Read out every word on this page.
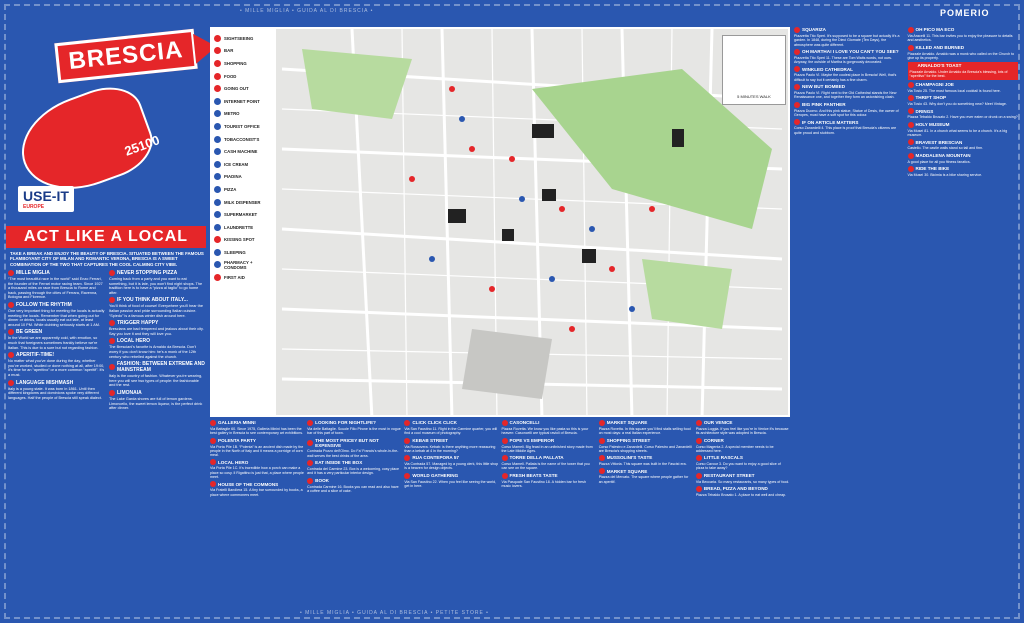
• MILLE MIGLIA • GUIDA AL DI BRESCIA •
• MILLE MIGLIA • GUIDA AL DI BRESCIA • PETITE STORE •
POMERIO
BRESCIA
25100
USE-IT
EUROPE
ACT LIKE A LOCAL
TAKE A BREAK AND ENJOY THE BEAUTY OF BRESCIA. SITUATED BETWEEN THE FAMOUS FLAMBOYANT CITY OF MILAN AND ROMANTIC VERONA, BRESCIA IS A SWEET COMBINATION OF THE TWO THAT CAPTURES THE COOL CALMING CITY VIBE.
MILLE MIGLIA
“The most beautiful race in the world” said Enzo Ferrari, the founder of the Ferrari motor racing team. Since 1927 a thousand miles on race from Brescia to Rome and back, passing through the cities of Ferrara, Ravenna, Bologna and Florence.
FOLLOW THE RHYTHM
One very important thing for meeting the locals is actually meeting the locals. Remember that when going out for dinner or drinks, locals usually eat out late, at least around 10 PM. While clubbing seriously starts at 1 AM.
BE GREEN
In the World we are apparently cold, with emotion, so much that foreigners sometimes frankly believe we're Italian. This is due to a sure but not regarding fashion.
APERITIF-TIME!
No matter what you've done during the day, whether you've worked, studied or done nothing at all, after 19:00, it's time for an “aperitivo” or a more common “aperitif”. It's a must.
LANGUAGE MISHMASH
Italy is a young state. It was born in 1861. Until then different kingdoms and dominions spoke very different languages. Half the people of Brescia still speak dialect.
NEVER STOPPING PIZZA
Coming back from a party and you want to eat something, but it is late, you won't find night shops. The tradition here is to have a “pizza al taglio” to go home after.
IF YOU THINK ABOUT ITALY...
You'll think of food of course! Everywhere you'll hear the Italian passion and pride surrounding Italian cuisine. “Spiedo” is a famous winter dish around here.
TRIGGER HAPPY
Brescians are bad tempered and jealous about their city. Say you love it and they will love you.
LOCAL HERO
The Bresciani's favorite is Arnaldo da Brescia. Don't worry if you don't know him: he's a monk of the 12th century who rebelled against the church.
FASHION: BETWEEN EXTREME AND MAINSTREAM
Italy is the country of fashion. Whatever you're wearing, here you will see two types of people: the fashionable and the rest.
LIMONAIA
The Lake Garda shores are full of lemon gardens. Limoncello, the sweet lemon liqueur, is the perfect drink after dinner.
SIGHTSEEING
BAR
SHOPPING
FOOD
GOING OUT
INTERNET POINT
METRO
TOURIST OFFICE
TOBACCONIST'S
CASH MACHINE
ICE CREAM
PIADINA
PIZZA
MILK DISPENSER
SUPERMARKET
LAUNDRETTE
KISSING SPOT
SLEEPING
PHARMACY + CONDOMS
FIRST AID
5 MINUTES WALK
GALLERIA MINNI
Via Battaglie 60. Since 1975, Galleria Minini has been the best gallery in Brescia to see contemporary art exhibitions.
POLENTA PARTY
Via Porta Pile 1B. “Polenta” is an ancient dish made by the people in the North of Italy and it means a porridge of corn meal.
LOCAL HERO
Via Porta Pile 1C. It's incredible how a porch can make a place so cosy. Il Rigattino is just that, a place where people meet.
HOUSE OF THE COMMONS
Via Fratelli Bandiera 15. A tiny bar surrounded by books, a place where commoners meet.
LOOKING FOR NIGHTLIFE?
Via delle Battaglie. Scuole Filio Pirone is the most in vogue bar of this part of town.
THE MOST PRICEY BUT NOT EXPENSIVE
Contrada Pozzo dell'Olmo. Do Fa’ Francis's whole-in-the-wall serves the best drinks of the area.
EAT INSIDE THE BOX
Contrada del Carmine 23. Box is a welcoming, cosy place and it has a very particular interior design.
BOOK
Contrada Carmine 16. Books you can read and also have a coffee and a slice of cake.
CLICK CLICK CLICK
Via San Faustino 11. Right in the Carmine quarter, you will find a cool museum of photography.
KEBAB STREET
Via Rossovera. Kebab: is there anything more reassuring than a kebab at 4 in the morning?
RUA CONTEPORA 57
Via Contrada 57. Managed by a young clerk, this little shop is a heaven for design objects.
WORLD GATHERING
Via San Faustino 22. When you feel like seeing the world, get in here.
CASONCELLI
Piazza Rovetta. We know you like pasta so this is your heaven: Casoncelli are typical ravioli of Brescia.
POPE VS EMPEROR
Corso Mameli. Big feast in an unfinished story made from the Late Middle Ages.
TORRE DELLA PALLATA
Corso Mameli. Pallata is the name of the tower that you can see on the square.
FRESH BEATS TASTE
Via Pasquale San Faustino 18. A hidden bar for fresh music lovers.
MARKET SQUARE
Piazza Rovetta. In this square you'll find stalls selling food on most days: a real Italian experience.
SHOPPING STREET
Corso Palestro e Zanardelli. Corso Palestro and Zanardelli are Brescia's shopping streets.
MUSSOLINI'S TASTE
Piazza Vittoria. This square was built in the Fascist era.
MARKET SQUARE
Piazza del Mercato. The square where people gather for an aperitif.
OUR VENICE
Piazza Loggia. If you feel like you're in Venice it's because its architecture style was adopted in Brescia.
CORNER
Corso Magenta 2. A special member needs to be addressed here.
LITTLE RASCALS
Corso Cavour 3. Do you want to enjoy a good slice of pizza to take away?
RESTAURANT STREET
Via Beccaria. So many restaurants, so many types of food.
BREAD, PIZZA AND BEYOND
Piazza Tebaldo Brusato 1. A place to eat well and cheap.
SQUARIZA
Piazzetta Tito Speri. It's supposed to be a square but actually it's a garden. In 1848, during the Dieci Giornate (Ten Days), the atmosphere was quite different.
OH MARTHA! I LOVE YOU CAN'T YOU SEE?
Piazzetta Tito Speri 11. These are Tom Waits words, not ours. Anyway, the outside of Martha is gorgeously decorated.
WINKLED CATHEDRAL
Piazza Paolo VI. Maybe the coolest place in Brescia! Well, that's difficult to say but it certainly has a fine charm.
NEW BUT BOMBED
Piazza Paolo VI. Right next to the Old Cathedral stands the New Renaissance one, and together they form an astonishing clash.
BIG PINK PANTHER
Piazza Duomo. And this pink statue, Statue of Desis, the owner of Geropes, must have a soft spot for this colour.
IF ON ARTICLE MATTERS
Corso Zanardelli 4. This place is proof that Brescia's citizens are quite proud and stubborn.
OH PICO MA ECO
Via Aracelli 11. This bar invites you to enjoy the pleasure to details and aesthetics.
KILLED AND BURNED
Piazzale Arnaldo. Arnaldo was a monk who called on the Church to give up its property.
ARNALDO'S TOAST
Piazzale Arnaldo. Under Arnaldo da Brescia's blessing, lots of “aperitivo” for the best.
CHAMPAGNI JOE
Via Tosio 25. The most famous local cocktail is found here.
THRIFT SHOP
Via Tosio 43. Why don't you do something new? Meet Vintage.
DRINGS
Piazza Tebaldo Brusato 2. Have you ever eaten or drunk on a swing?
HOLY MUSEUM
Via Musei 81. In a church what seems to be a church. It's a big museum.
BRAVEST BRESCIAN
Castello. The castle walls stand so tall and firm.
MADDALENA MOUNTAIN
A good place for all you fitness fanatics.
RIDE THE BIKE
Via Musei 30. Bicimia is a bike sharing service.
